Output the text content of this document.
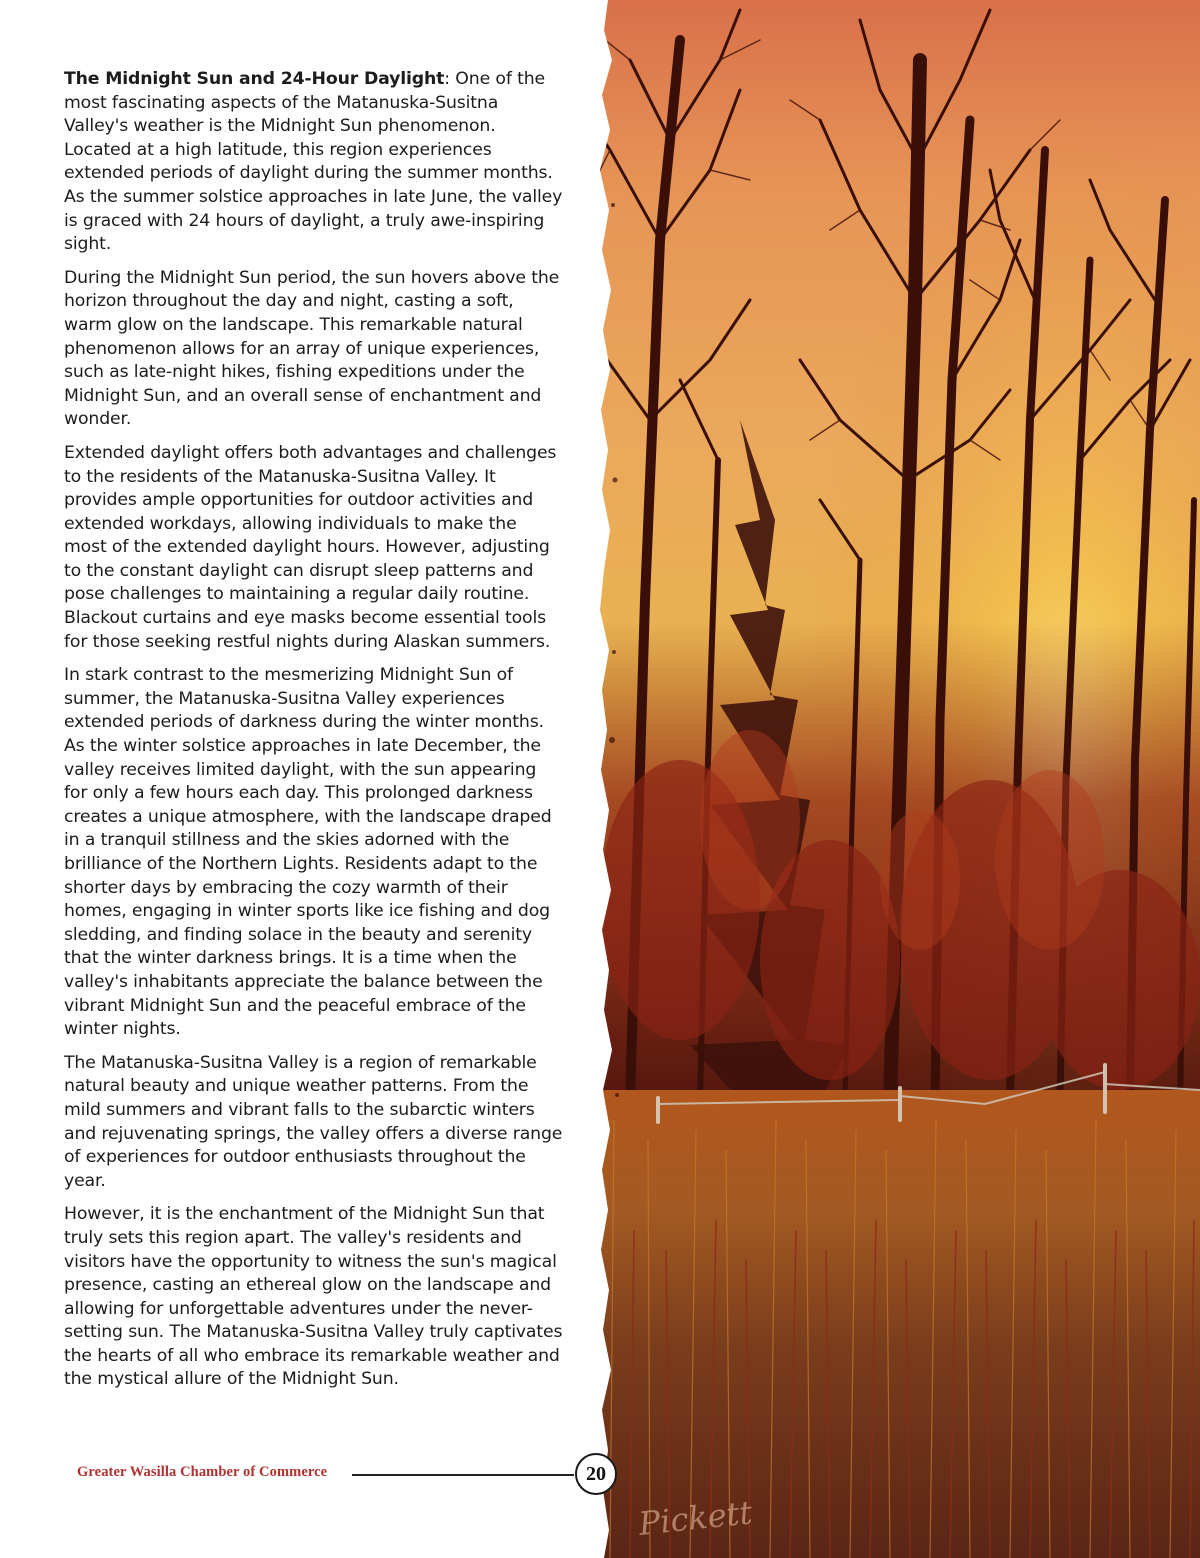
The Midnight Sun and 24-Hour Daylight: One of the most fascinating aspects of the Matanuska-Susitna Valley's weather is the Midnight Sun phenomenon. Located at a high latitude, this region experiences extended periods of daylight during the summer months. As the summer solstice approaches in late June, the valley is graced with 24 hours of daylight, a truly awe-inspiring sight.

During the Midnight Sun period, the sun hovers above the horizon throughout the day and night, casting a soft, warm glow on the landscape. This remarkable natural phenomenon allows for an array of unique experiences, such as late-night hikes, fishing expeditions under the Midnight Sun, and an overall sense of enchantment and wonder.

Extended daylight offers both advantages and challenges to the residents of the Matanuska-Susitna Valley. It provides ample opportunities for outdoor activities and extended workdays, allowing individuals to make the most of the extended daylight hours. However, adjusting to the constant daylight can disrupt sleep patterns and pose challenges to maintaining a regular daily routine. Blackout curtains and eye masks become essential tools for those seeking restful nights during Alaskan summers.

In stark contrast to the mesmerizing Midnight Sun of summer, the Matanuska-Susitna Valley experiences extended periods of darkness during the winter months. As the winter solstice approaches in late December, the valley receives limited daylight, with the sun appearing for only a few hours each day. This prolonged darkness creates a unique atmosphere, with the landscape draped in a tranquil stillness and the skies adorned with the brilliance of the Northern Lights. Residents adapt to the shorter days by embracing the cozy warmth of their homes, engaging in winter sports like ice fishing and dog sledding, and finding solace in the beauty and serenity that the winter darkness brings. It is a time when the valley's inhabitants appreciate the balance between the vibrant Midnight Sun and the peaceful embrace of the winter nights.

The Matanuska-Susitna Valley is a region of remarkable natural beauty and unique weather patterns. From the mild summers and vibrant falls to the subarctic winters and rejuvenating springs, the valley offers a diverse range of experiences for outdoor enthusiasts throughout the year.

However, it is the enchantment of the Midnight Sun that truly sets this region apart. The valley's residents and visitors have the opportunity to witness the sun's magical presence, casting an ethereal glow on the landscape and allowing for unforgettable adventures under the never-setting sun. The Matanuska-Susitna Valley truly captivates the hearts of all who embrace its remarkable weather and the mystical allure of the Midnight Sun.

Pickett
Greater Wasilla Chamber of Commerce	20
